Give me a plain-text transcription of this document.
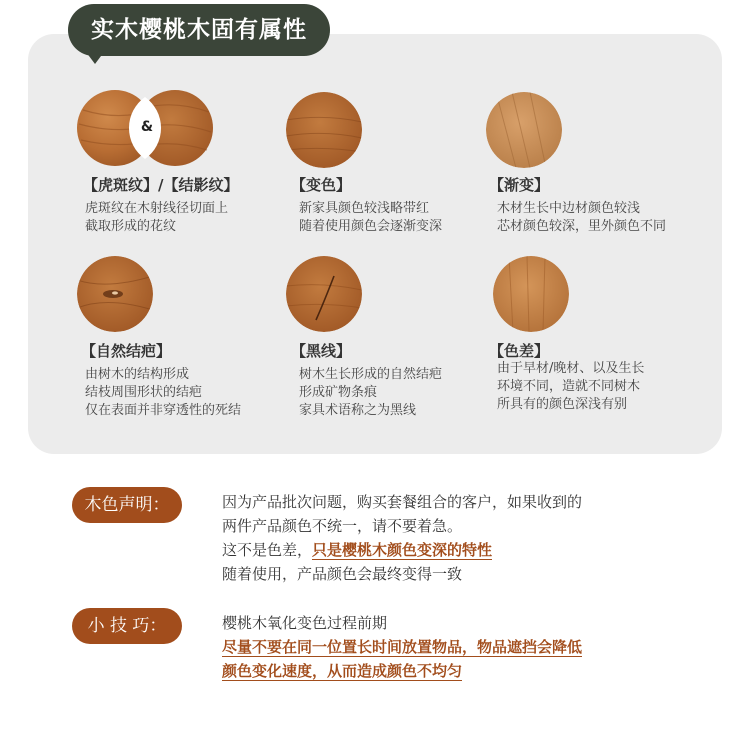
实木樱桃木固有属性
&
【虎斑纹】/【结影纹】
虎斑纹在木射线径切面上
截取形成的花纹
【变色】
新家具颜色较浅略带红
随着使用颜色会逐渐变深
【渐变】
木材生长中边材颜色较浅
芯材颜色较深，里外颜色不同
【自然结疤】
由树木的结构形成
结枝周围形状的结疤
仅在表面并非穿透性的死结
【黑线】
树木生长形成的自然结疤
形成矿物条痕
家具术语称之为黑线
【色差】
由于早材/晚材、以及生长
环境不同，造就不同树木
所具有的颜色深浅有别
木色声明：	因为产品批次问题，购买套餐组合的客户，如果收到的
两件产品颜色不统一，请不要着急。
这不是色差，只是樱桃木颜色变深的特性
随着使用，产品颜色会最终变得一致
小 技 巧：	樱桃木氧化变色过程前期
尽量不要在同一位置长时间放置物品，物品遮挡会降低
颜色变化速度，从而造成颜色不均匀
